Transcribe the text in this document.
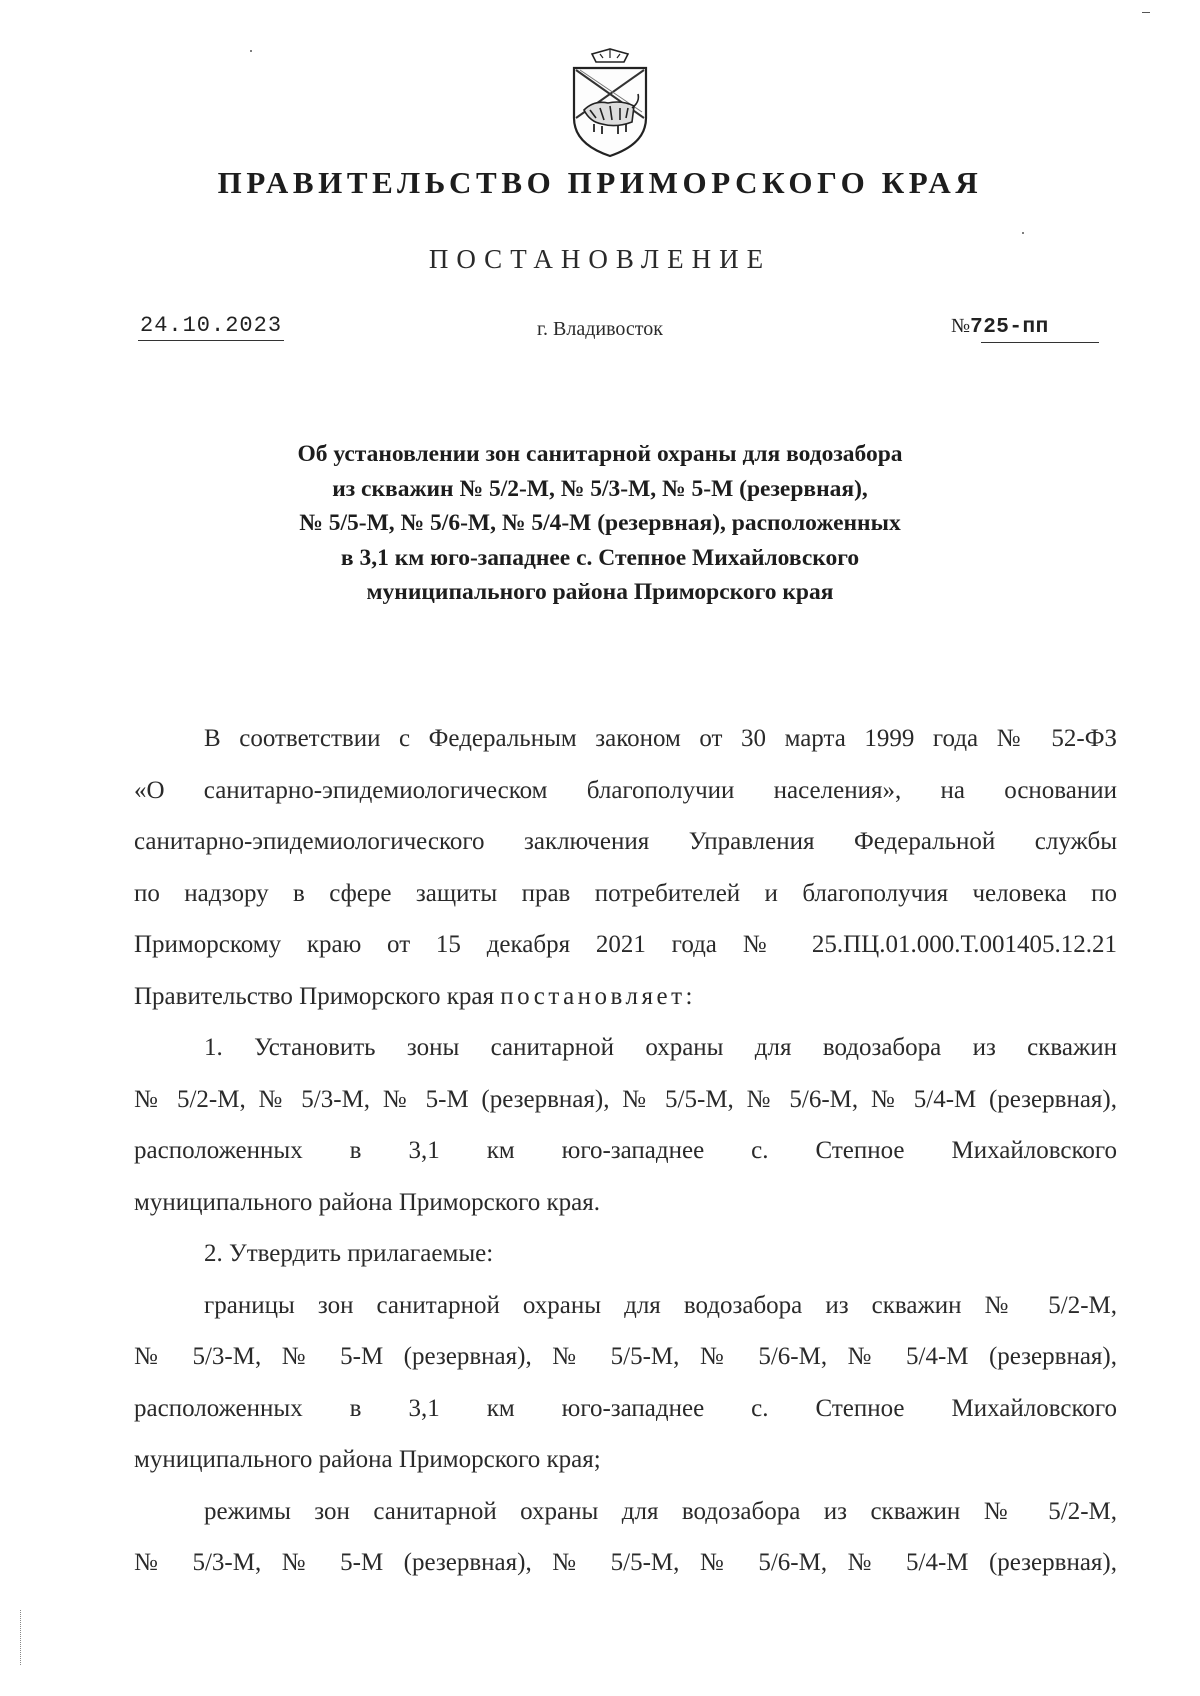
ПРАВИТЕЛЬСТВО ПРИМОРСКОГО КРАЯ
ПОСТАНОВЛЕНИЕ
24.10.2023	г. Владивосток	№725-пп
Об установлении зон санитарной охраны для водозабора
из скважин № 5/2-М, № 5/3-М, № 5-М (резервная),
№ 5/5-М, № 5/6-М, № 5/4-М (резервная), расположенных
в 3,1 км юго-западнее с. Степное Михайловского
муниципального района Приморского края
В соответствии с Федеральным законом от 30 марта 1999 года № 52-ФЗ
«О санитарно-эпидемиологическом благополучии населения», на основании
санитарно-эпидемиологического заключения Управления Федеральной службы
по надзору в сфере защиты прав потребителей и благополучия человека по
Приморскому краю от 15 декабря 2021 года № 25.ПЦ.01.000.Т.001405.12.21
Правительство Приморского края постановляет:
1. Установить зоны санитарной охраны для водозабора из скважин
№ 5/2-М, № 5/3-М, № 5-М (резервная), № 5/5-М, № 5/6-М, № 5/4-М (резервная),
расположенных в 3,1 км юго-западнее с. Степное Михайловского
муниципального района Приморского края.
2. Утвердить прилагаемые:
границы зон санитарной охраны для водозабора из скважин № 5/2-М,
№ 5/3-М, № 5-М (резервная), № 5/5-М, № 5/6-М, № 5/4-М (резервная),
расположенных в 3,1 км юго-западнее с. Степное Михайловского
муниципального района Приморского края;
режимы зон санитарной охраны для водозабора из скважин № 5/2-М,
№ 5/3-М, № 5-М (резервная), № 5/5-М, № 5/6-М, № 5/4-М (резервная),
